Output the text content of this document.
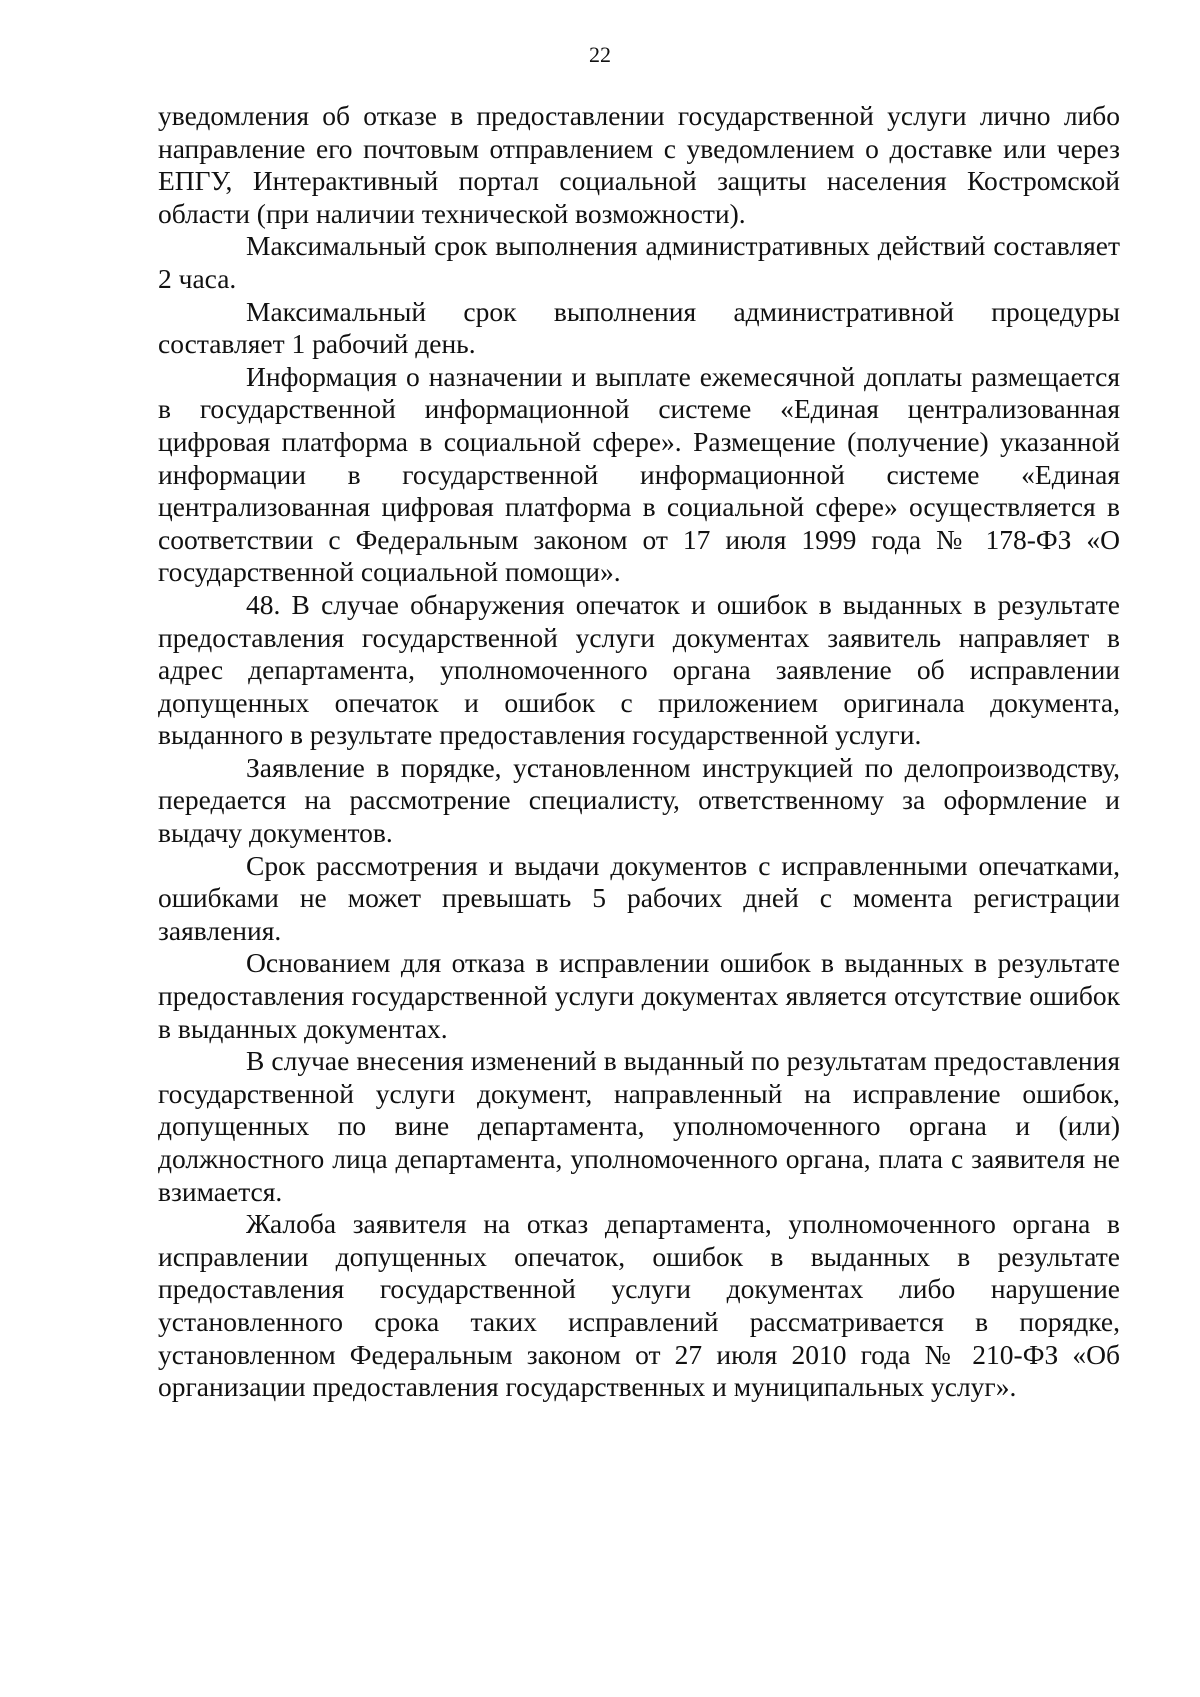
22

уведомления об отказе в предоставлении государственной услуги лично либо направление его почтовым отправлением с уведомлением о доставке или через ЕПГУ, Интерактивный портал социальной защиты населения Костромской области (при наличии технической возможности).

Максимальный срок выполнения административных действий составляет 2 часа.

Максимальный срок выполнения административной процедуры составляет 1 рабочий день.

Информация о назначении и выплате ежемесячной доплаты размещается в государственной информационной системе «Единая централизованная цифровая платформа в социальной сфере». Размещение (получение) указанной информации в государственной информационной системе «Единая централизованная цифровая платформа в социальной сфере» осуществляется в соответствии с Федеральным законом от 17 июля 1999 года № 178-ФЗ «О государственной социальной помощи».

48. В случае обнаружения опечаток и ошибок в выданных в результате предоставления государственной услуги документах заявитель направляет в адрес департамента, уполномоченного органа заявление об исправлении допущенных опечаток и ошибок с приложением оригинала документа, выданного в результате предоставления государственной услуги.

Заявление в порядке, установленном инструкцией по делопроизводству, передается на рассмотрение специалисту, ответственному за оформление и выдачу документов.

Срок рассмотрения и выдачи документов с исправленными опечатками, ошибками не может превышать 5 рабочих дней с момента регистрации заявления.

Основанием для отказа в исправлении ошибок в выданных в результате предоставления государственной услуги документах является отсутствие ошибок в выданных документах.

В случае внесения изменений в выданный по результатам предоставления государственной услуги документ, направленный на исправление ошибок, допущенных по вине департамента, уполномоченного органа и (или) должностного лица департамента, уполномоченного органа, плата с заявителя не взимается.

Жалоба заявителя на отказ департамента, уполномоченного органа в исправлении допущенных опечаток, ошибок в выданных в результате предоставления государственной услуги документах либо нарушение установленного срока таких исправлений рассматривается в порядке, установленном Федеральным законом от 27 июля 2010 года № 210-ФЗ «Об организации предоставления государственных и муниципальных услуг».
